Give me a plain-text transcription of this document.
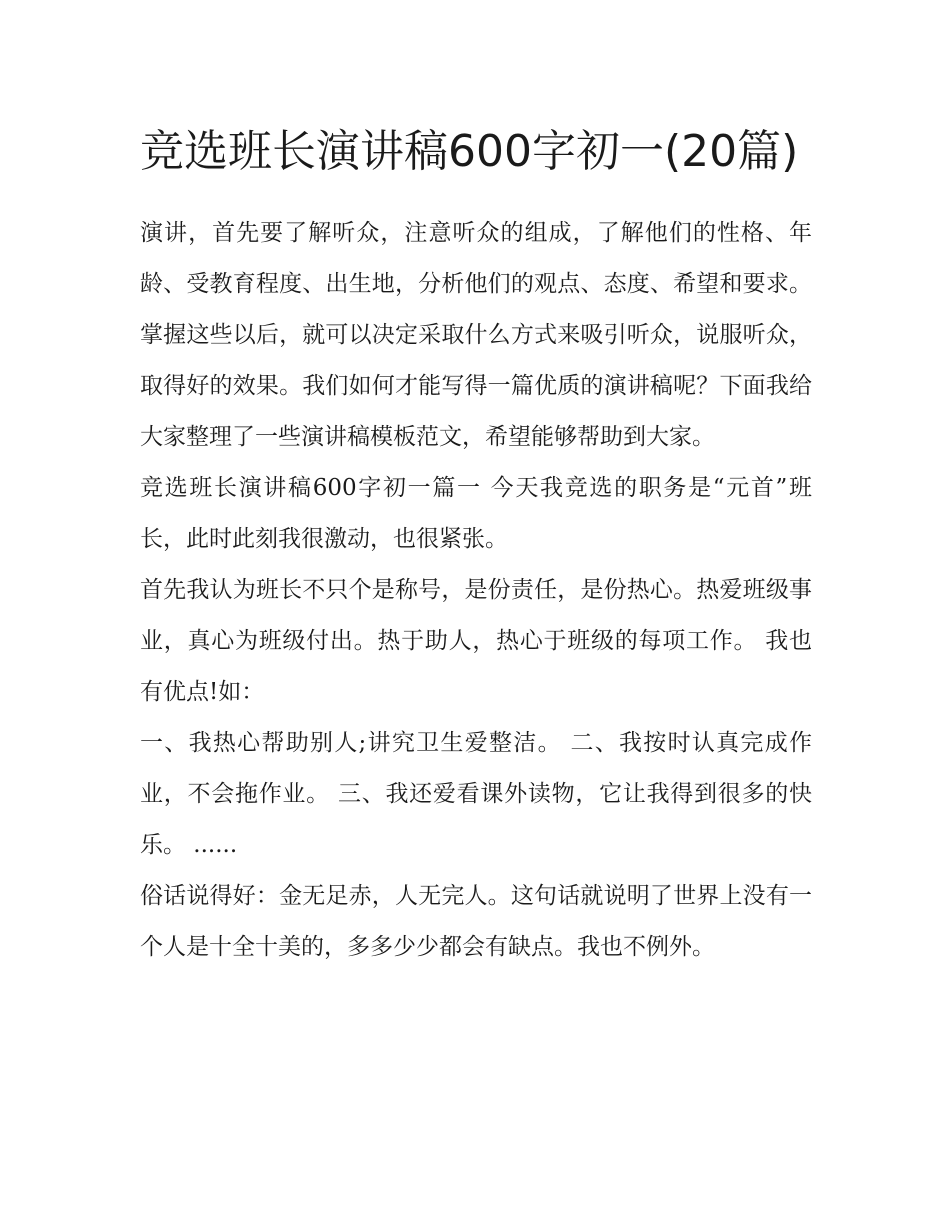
竞选班长演讲稿600字初一(20篇)

演讲，首先要了解听众，注意听众的组成，了解他们的性格、年龄、受教育程度、出生地，分析他们的观点、态度、希望和要求。掌握这些以后，就可以决定采取什么方式来吸引听众，说服听众，取得好的效果。我们如何才能写得一篇优质的演讲稿呢？下面我给大家整理了一些演讲稿模板范文，希望能够帮助到大家。

竞选班长演讲稿600字初一篇一 今天我竞选的职务是“元首”班长，此时此刻我很激动，也很紧张。

首先我认为班长不只个是称号，是份责任，是份热心。热爱班级事业，真心为班级付出。热于助人，热心于班级的每项工作。 我也有优点!如：

一、我热心帮助别人;讲究卫生爱整洁。 二、我按时认真完成作业，不会拖作业。 三、我还爱看课外读物，它让我得到很多的快乐。 ......

俗话说得好：金无足赤，人无完人。这句话就说明了世界上没有一个人是十全十美的，多多少少都会有缺点。我也不例外。
